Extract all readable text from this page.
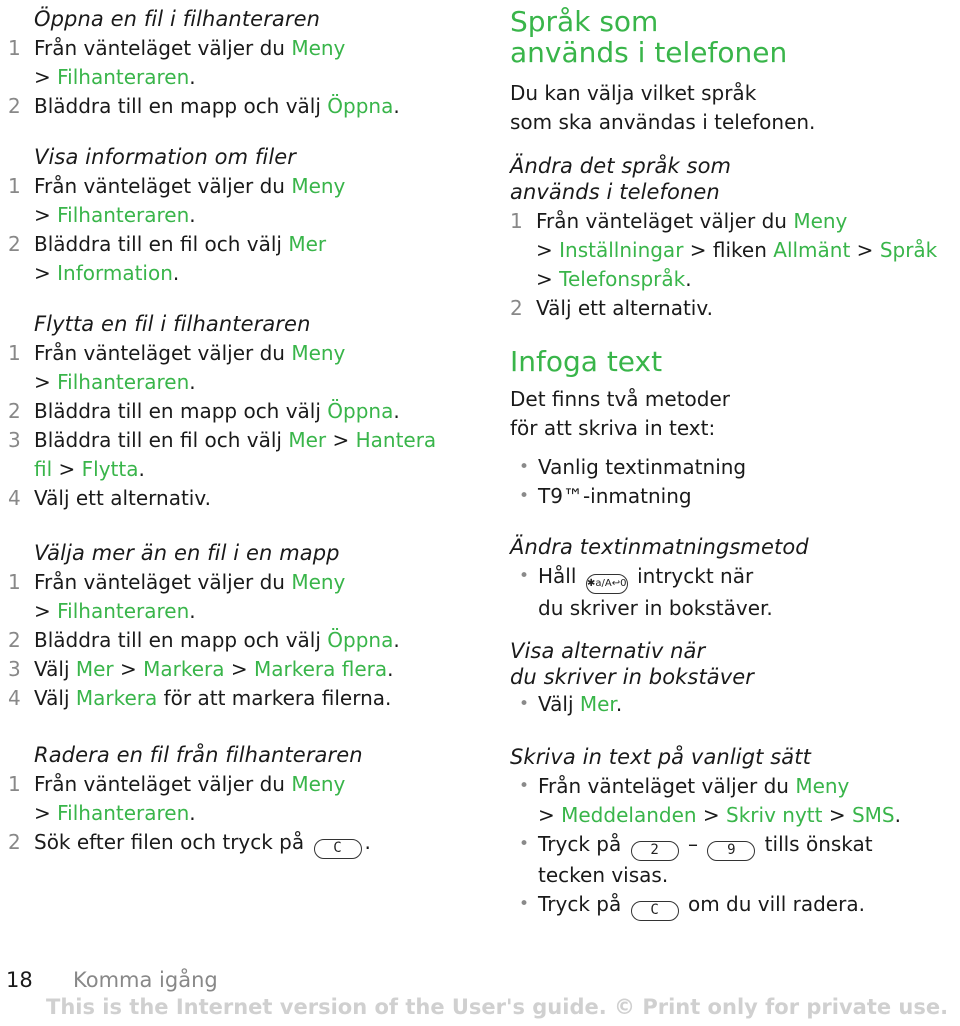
Öppna en fil i filhanteraren
1 Från vänteläget väljer du Meny
> Filhanteraren.
2 Bläddra till en mapp och välj Öppna.
Visa information om filer
1 Från vänteläget väljer du Meny
> Filhanteraren.
2 Bläddra till en fil och välj Mer
> Information.
Flytta en fil i filhanteraren
1 Från vänteläget väljer du Meny
> Filhanteraren.
2 Bläddra till en mapp och välj Öppna.
3 Bläddra till en fil och välj Mer > Hantera
fil > Flytta.
4 Välj ett alternativ.
Välja mer än en fil i en mapp
1 Från vänteläget väljer du Meny
> Filhanteraren.
2 Bläddra till en mapp och välj Öppna.
3 Välj Mer > Markera > Markera flera.
4 Välj Markera för att markera filerna.
Radera en fil från filhanteraren
1 Från vänteläget väljer du Meny
> Filhanteraren.
2 Sök efter filen och tryck på C .
Språk som
används i telefonen
Du kan välja vilket språk
som ska användas i telefonen.
Ändra det språk som
används i telefonen
1 Från vänteläget väljer du Meny
> Inställningar > fliken Allmänt > Språk
> Telefonspråk.
2 Välj ett alternativ.
Infoga text
Det finns två metoder
för att skriva in text:
• Vanlig textinmatning
• T9™-inmatning
Ändra textinmatningsmetod
• Håll ✱a/A↩0 intryckt när
du skriver in bokstäver.
Visa alternativ när
du skriver in bokstäver
• Välj Mer.
Skriva in text på vanligt sätt
• Från vänteläget väljer du Meny
> Meddelanden > Skriv nytt > SMS.
• Tryck på 2 – 9 tills önskat
tecken visas.
• Tryck på C om du vill radera.
18 Komma igång
This is the Internet version of the User's guide. © Print only for private use.
